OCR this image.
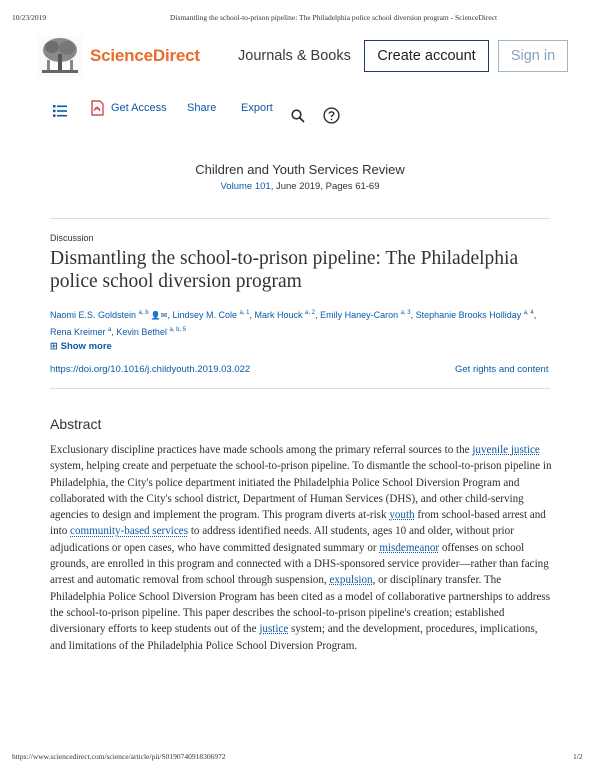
10/23/2019	Dismantling the school-to-prison pipeline: The Philadelphia police school diversion program - ScienceDirect
ScienceDirect	Journals & Books	Create account	Sign in
Get Access Share Export
Children and Youth Services Review
Volume 101, June 2019, Pages 61-69
Discussion
Dismantling the school-to-prison pipeline: The Philadelphia police school diversion program
Naomi E.S. Goldstein $^{a, b}$ 👤✉, Lindsey M. Cole $^{a, 1}$, Mark Houck $^{a, 2}$, Emily Haney-Caron $^{a, 3}$, Stephanie Brooks Holliday $^{a, 4}$, Rena Kreimer $^a$, Kevin Bethel $^{a, b, 5}$
⊞ Show more
https://doi.org/10.1016/j.childyouth.2019.03.022	Get rights and content
Abstract
Exclusionary discipline practices have made schools among the primary referral sources to the juvenile justice system, helping create and perpetuate the school-to-prison pipeline. To dismantle the school-to-prison pipeline in Philadelphia, the City's police department initiated the Philadelphia Police School Diversion Program and collaborated with the City's school district, Department of Human Services (DHS), and other child-serving agencies to design and implement the program. This program diverts at-risk youth from school-based arrest and into community-based services to address identified needs. All students, ages 10 and older, without prior adjudications or open cases, who have committed designated summary or misdemeanor offenses on school grounds, are enrolled in this program and connected with a DHS-sponsored service provider—rather than facing arrest and automatic removal from school through suspension, expulsion, or disciplinary transfer. The Philadelphia Police School Diversion Program has been cited as a model of collaborative partnerships to address the school-to-prison pipeline. This paper describes the school-to-prison pipeline's creation; established diversionary efforts to keep students out of the justice system; and the development, procedures, implications, and limitations of the Philadelphia Police School Diversion Program.
https://www.sciencedirect.com/science/article/pii/S0190740918306972	1/2
